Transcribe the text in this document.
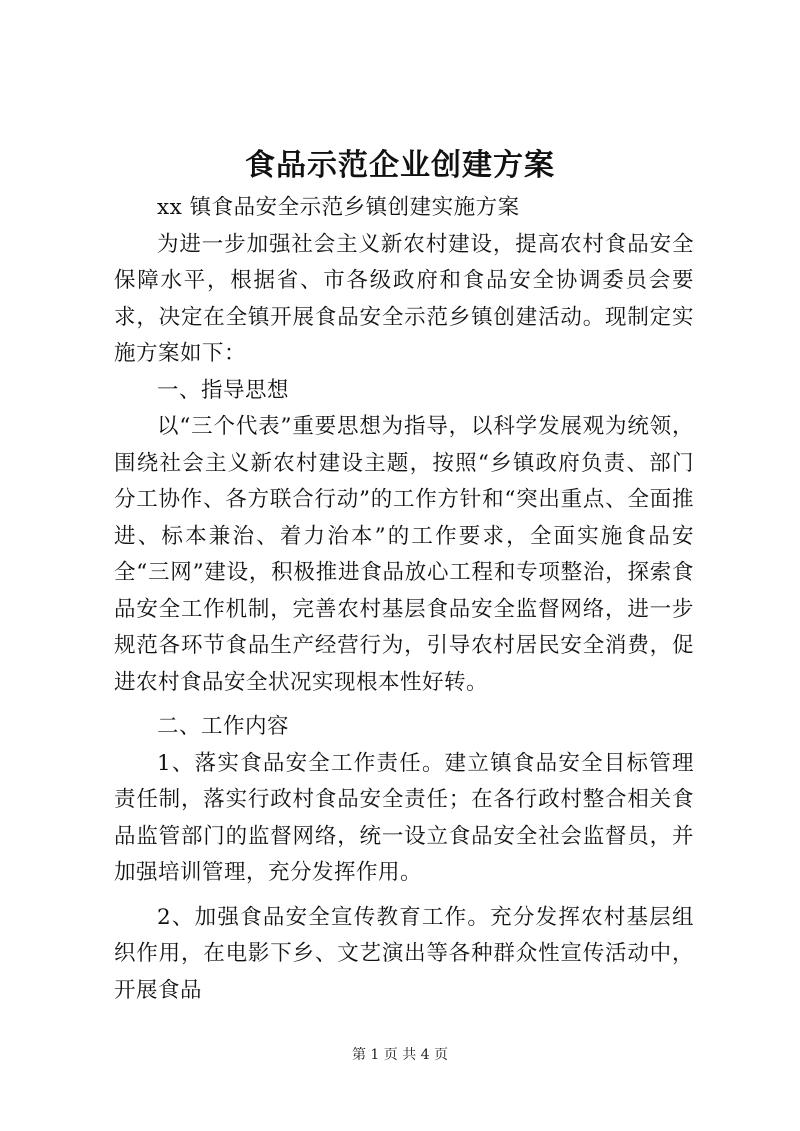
食品示范企业创建方案

xx 镇食品安全示范乡镇创建实施方案

为进一步加强社会主义新农村建设，提高农村食品安全保障水平，根据省、市各级政府和食品安全协调委员会要求，决定在全镇开展食品安全示范乡镇创建活动。现制定实施方案如下：

一、指导思想

以“三个代表”重要思想为指导，以科学发展观为统领，围绕社会主义新农村建设主题，按照“乡镇政府负责、部门分工协作、各方联合行动”的工作方针和“突出重点、全面推进、标本兼治、着力治本”的工作要求，全面实施食品安全“三网”建设，积极推进食品放心工程和专项整治，探索食品安全工作机制，完善农村基层食品安全监督网络，进一步规范各环节食品生产经营行为，引导农村居民安全消费，促进农村食品安全状况实现根本性好转。

二、工作内容

1、落实食品安全工作责任。建立镇食品安全目标管理责任制，落实行政村食品安全责任；在各行政村整合相关食品监管部门的监督网络，统一设立食品安全社会监督员，并加强培训管理，充分发挥作用。

2、加强食品安全宣传教育工作。充分发挥农村基层组织作用，在电影下乡、文艺演出等各种群众性宣传活动中，开展食品

第 1 页 共 4 页
